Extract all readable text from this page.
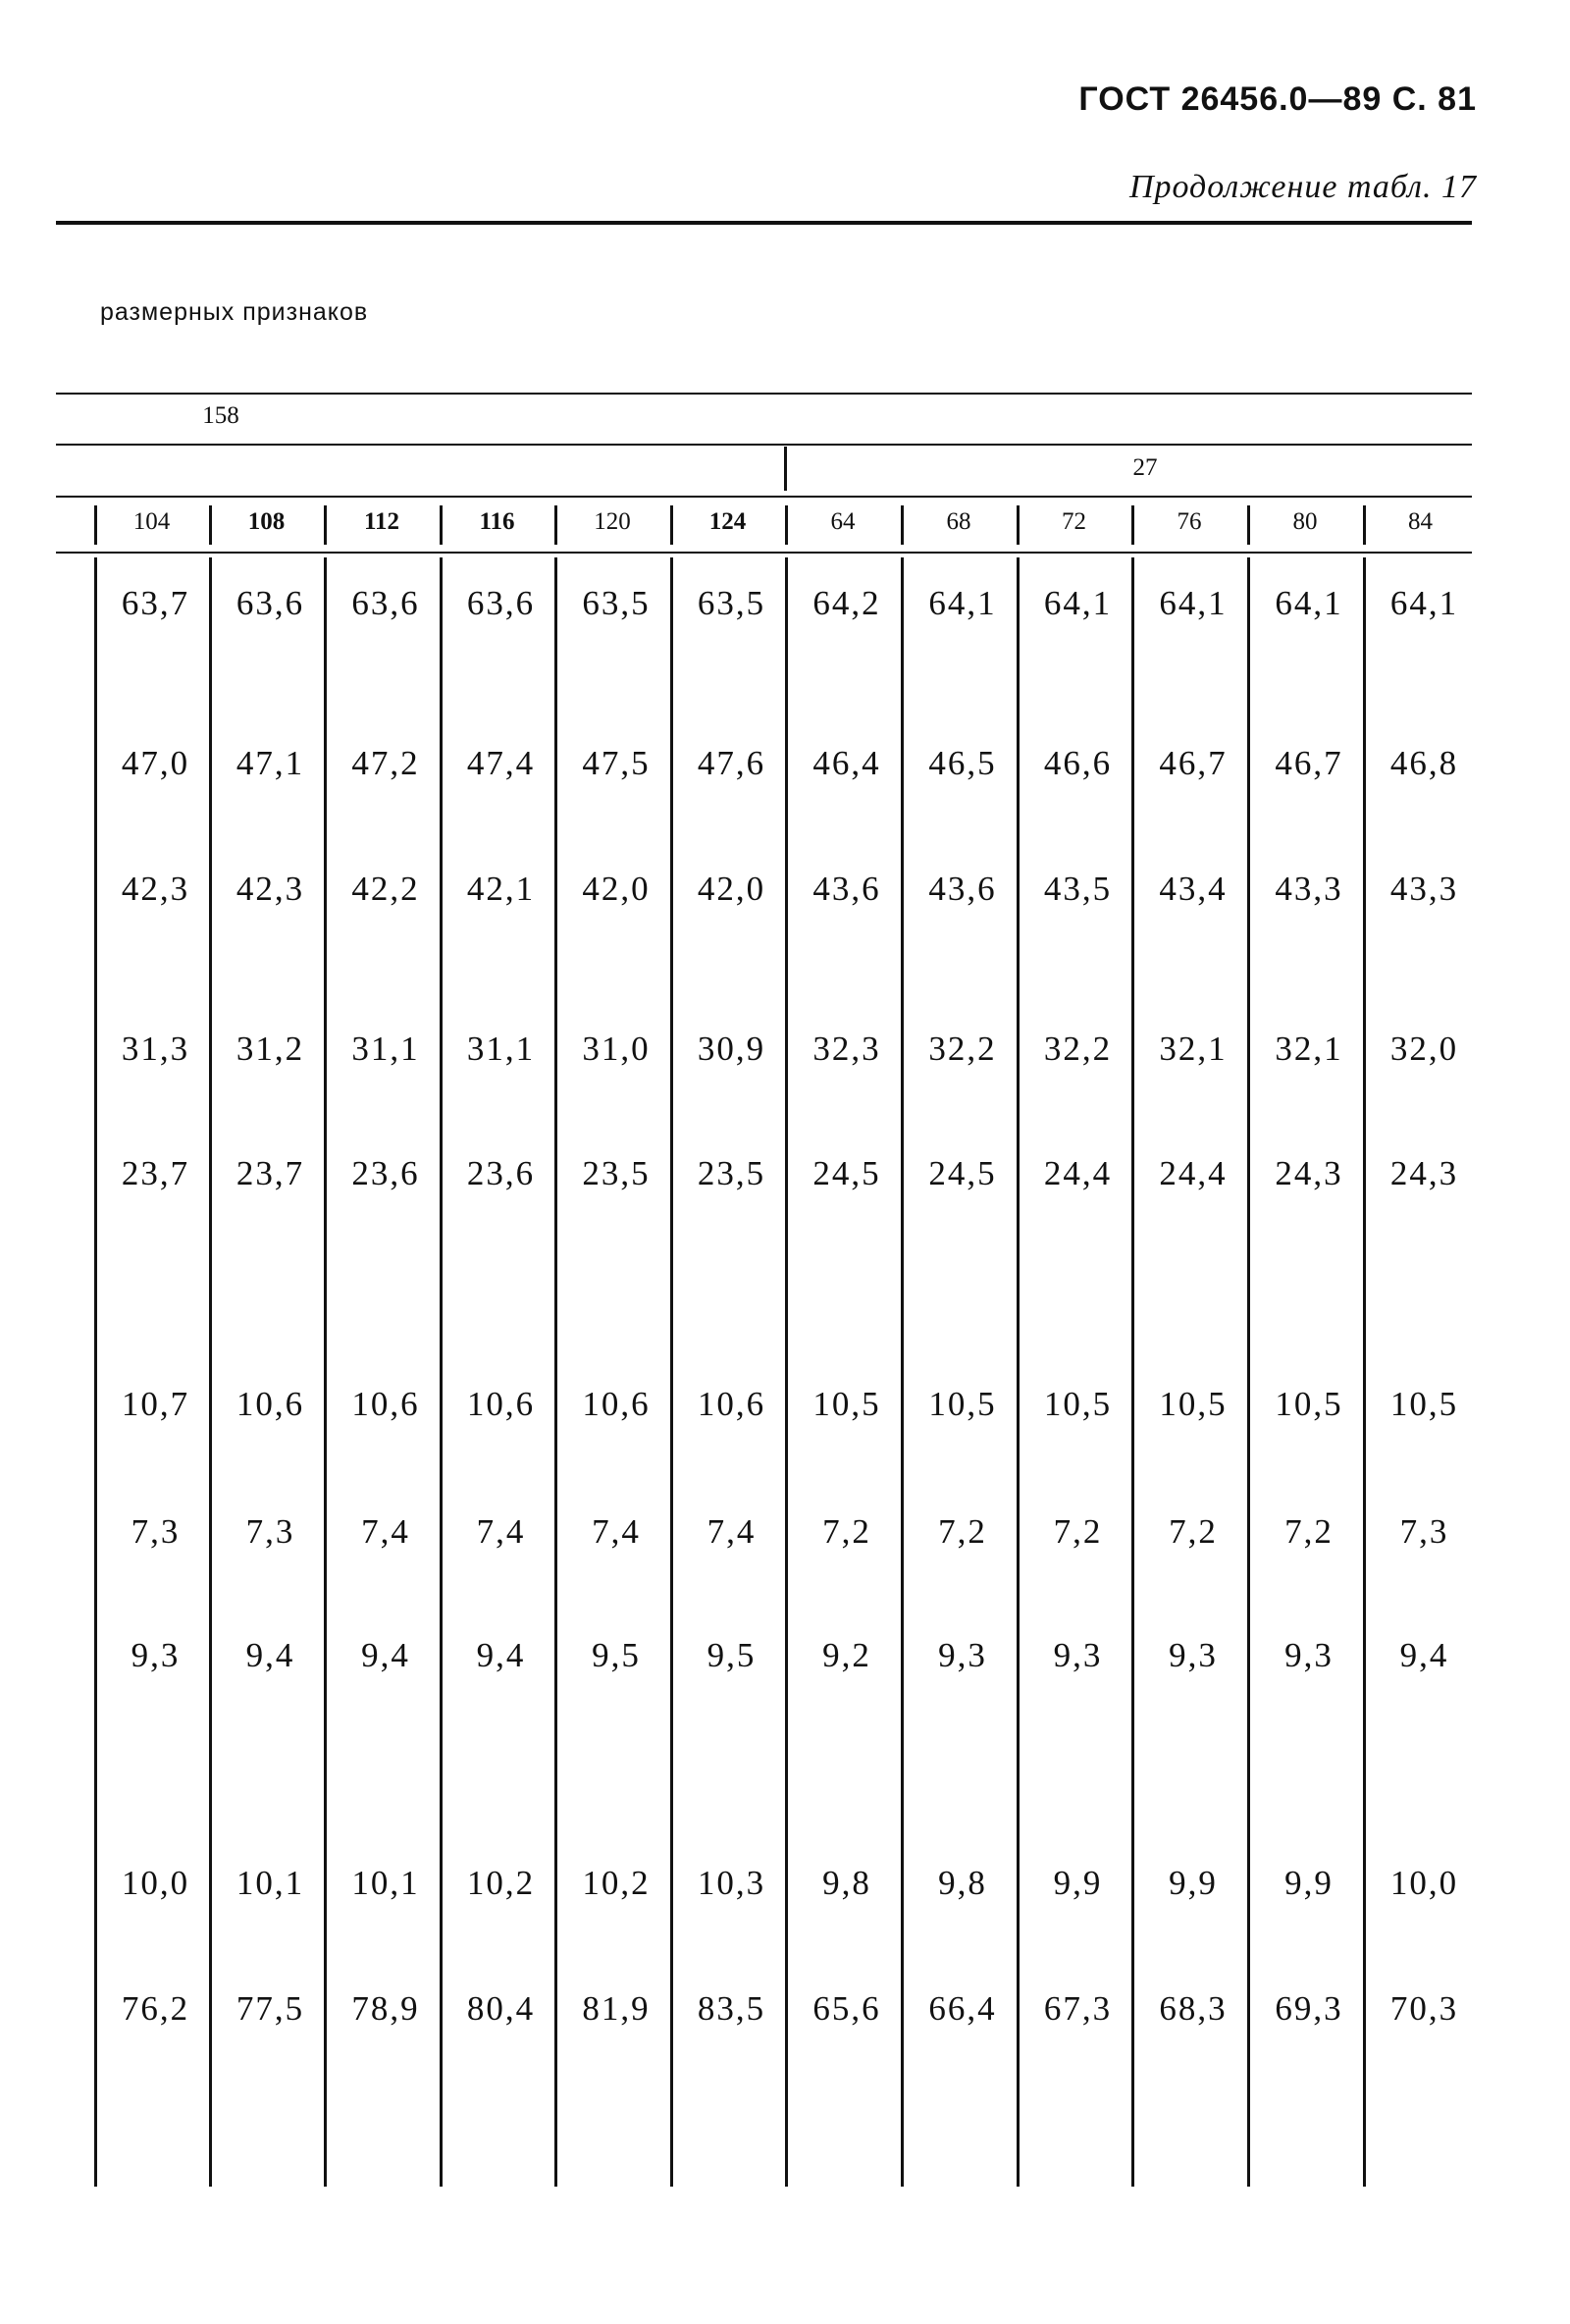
ГОСТ 26456.0—89 С. 81
Продолжение табл. 17
размерных признаков
158
27
104	108	112	116	120	124	64	68	72	76	80	84
63,7 63,6 63,6 63,6 63,5 63,5 64,2 64,1 64,1 64,1 64,1 64,1
47,0 47,1 47,2 47,4 47,5 47,6 46,4 46,5 46,6 46,7 46,7 46,8
42,3 42,3 42,2 42,1 42,0 42,0 43,6 43,6 43,5 43,4 43,3 43,3
31,3 31,2 31,1 31,1 31,0 30,9 32,3 32,2 32,2 32,1 32,1 32,0
23,7 23,7 23,6 23,6 23,5 23,5 24,5 24,5 24,4 24,4 24,3 24,3
10,7 10,6 10,6 10,6 10,6 10,6 10,5 10,5 10,5 10,5 10,5 10,5
7,3 7,3 7,4 7,4 7,4 7,4 7,2 7,2 7,2 7,2 7,2 7,3
9,3 9,4 9,4 9,4 9,5 9,5 9,2 9,3 9,3 9,3 9,3 9,4
10,0 10,1 10,1 10,2 10,2 10,3 9,8 9,8 9,9 9,9 9,9 10,0
76,2 77,5 78,9 80,4 81,9 83,5 65,6 66,4 67,3 68,3 69,3 70,3
